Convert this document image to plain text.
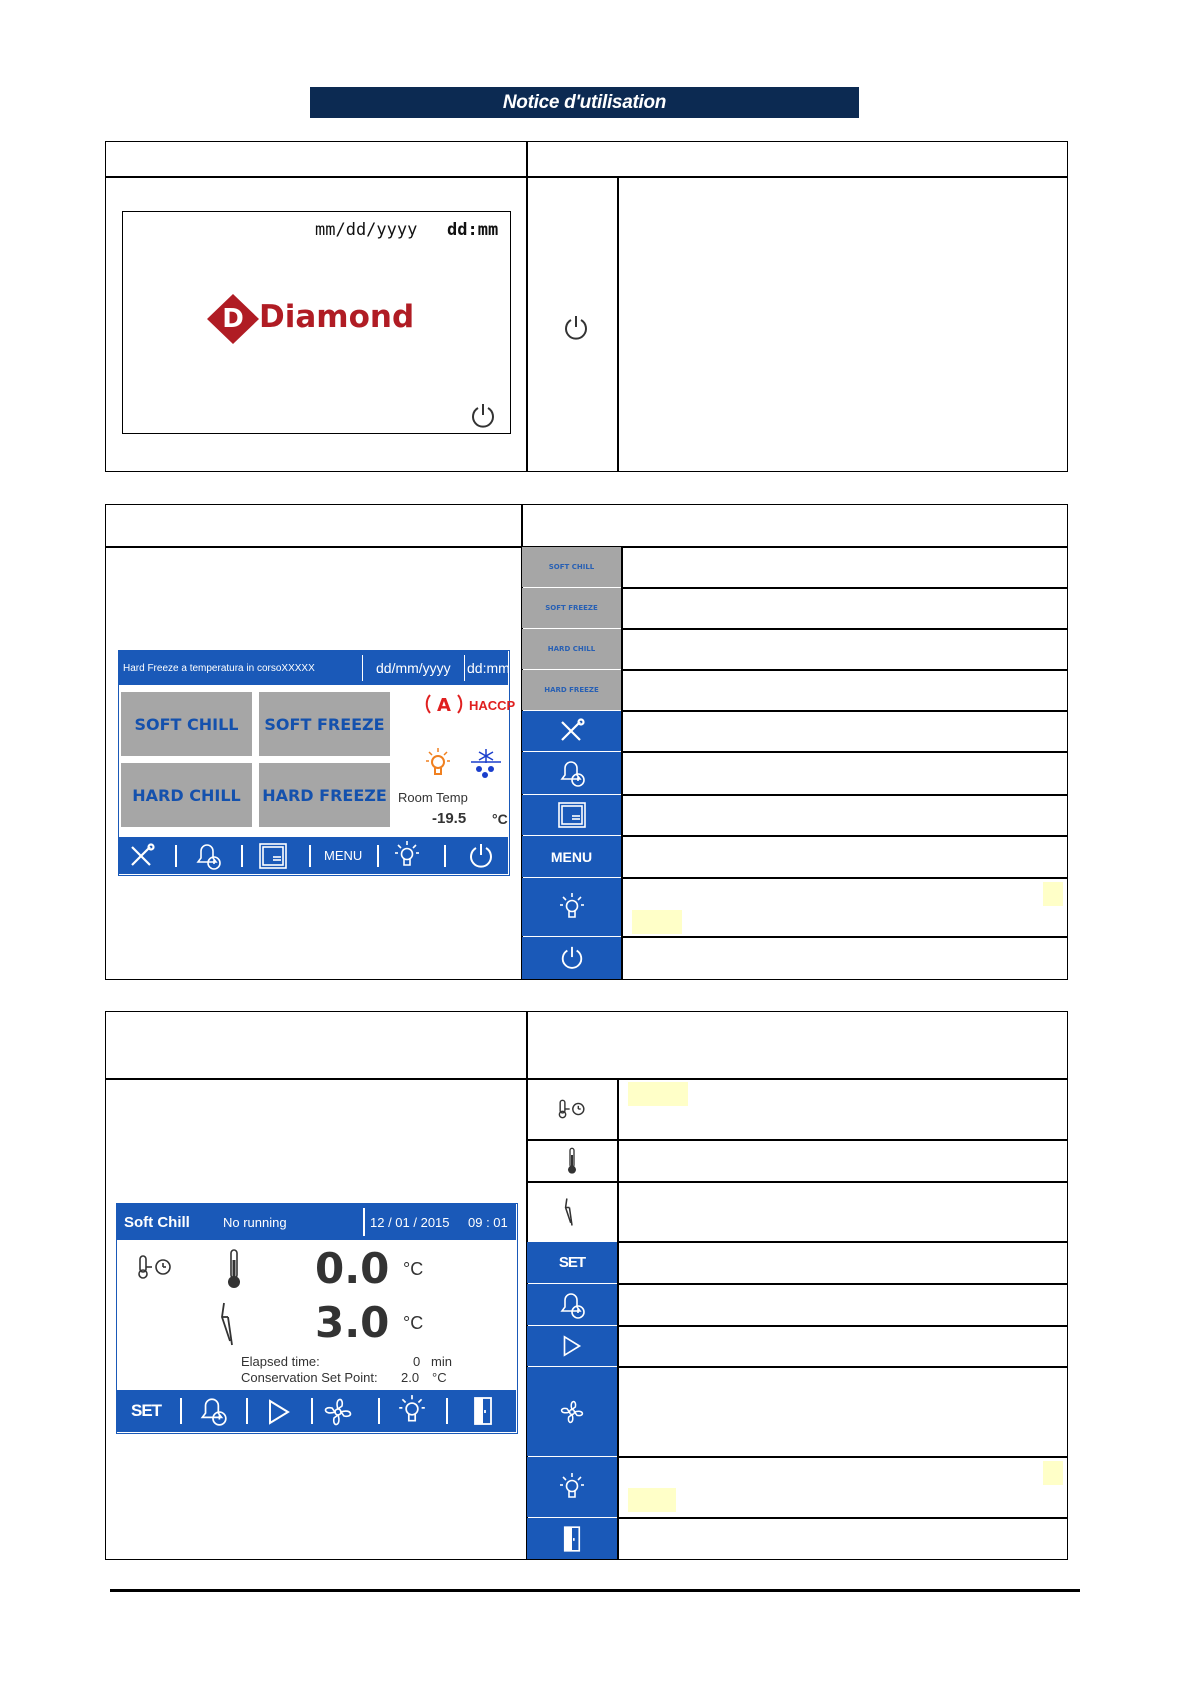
Notice d'utilisation
mm/dd/yyyy dd:mm
D Diamond
Hard Freeze a temperatura in corsoXXXXX	dd/mm/yyyy dd:mm
SOFT CHILL	SOFT FREEZE
HARD CHILL	HARD FREEZE
A HACCP
Room Temp
-19.5 °C
MENU
SOFT CHILL
SOFT FREEZE
HARD CHILL
HARD FREEZE
MENU
Soft Chill	No running	12 / 01 / 2015 09 : 01
0.0 °C
3.0 °C
Elapsed time:	0 min
Conservation Set Point: 2.0 °C
SET
SET
